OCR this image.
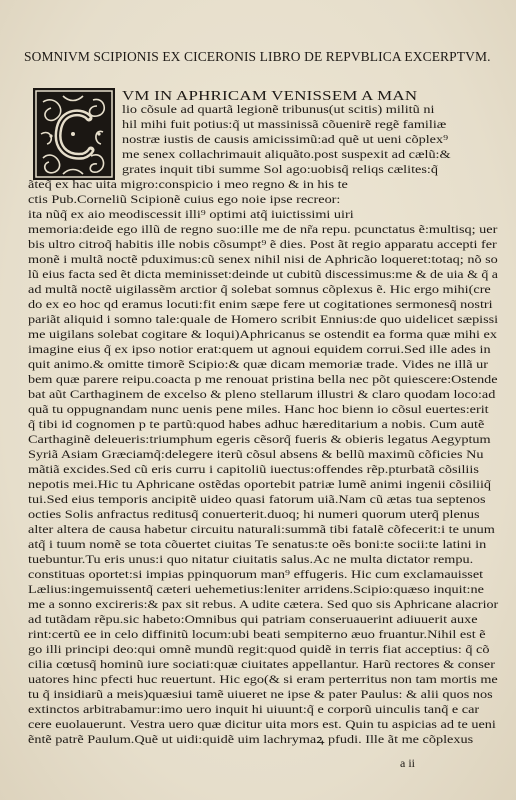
SOMNIVM SCIPIONIS EX CICERONIS LIBRO DE REPVBLICA EXCERPTVM.
VM IN APHRICAM VENISSEM A MAN
lio cõsule ad quartã legionẽ tribunus(ut scitis) militũ ni
hil mihi fuit potius:q̃ ut massinissã cõuenirẽ regẽ familiæ
nostræ iustis de causis amicissimũ:ad quẽ ut ueni cõplex⁹
me senex collachrimauit aliquãto.post suspexit ad cælũ:&
grates inquit tibi summe Sol ago:uobisq̃ reliqs cælites:q̃
ãteq̃ ex hac uita migro:conspicio i meo regno & in his te
ctis Pub.Corneliũ Scipionẽ cuius ego noie ipse recreor:
ita nũq̃ ex aio meodiscessit illi⁹ optimi atq̃ iuictissimi uiri
memoria:deide ego illũ de regno suo:ille me de nr̃a repu. pcunctatus ẽ:multisq; uer
bis ultro citroq̃ habitis ille nobis cõsumpt⁹ ẽ dies. Post ãt regio apparatu accepti fer
monẽ i multã noctẽ pduximus:cũ senex nihil nisi de Aphricão loqueret:totaq; nõ so
lũ eius facta sed ẽt dicta meminisset:deinde ut cubitũ discessimus:me & de uia & q̃ a
ad multã noctẽ uigilassẽm arctior q̃ solebat somnus cõplexus ẽ. Hic ergo mihi(cre
do ex eo hoc qd eramus locuti:fit enim sæpe fere ut cogitationes sermonesq̃ nostri
pariãt aliquid i somno tale:quale de Homero scribit Ennius:de quo uidelicet sæpissi
me uigilans solebat cogitare & loqui)Aphricanus se ostendit ea forma quæ mihi ex
imagine eius q̃ ex ipso notior erat:quem ut agnoui equidem corrui.Sed ille ades in
quit animo.& omitte timorẽ Scipio:& quæ dicam memoriæ trade. Vides ne illã ur
bem quæ parere reipu.coacta p me renouat pristina bella nec põt quiescere:Ostende
bat aũt Carthaginem de excelso & pleno stellarum illustri & claro quodam loco:ad
quã tu oppugnandam nunc uenis pene miles. Hanc hoc bienn io cõsul euertes:erit
q̃ tibi id cognomen p te partũ:quod habes adhuc hæreditarium a nobis. Cum autẽ
Carthaginẽ deleueris:triumphum egeris cẽsorq̃ fueris & obieris legatus Aegyptum
Syriã Asiam Græciamq̃:delegere iterũ cõsul absens & bellũ maximũ cõficies Nu
mãtiã excides.Sed cũ eris curru i capitoliũ iuectus:offendes rẽp.pturbatã cõsiliis
nepotis mei.Hic tu Aphricane ostẽdas oportebit patriæ lumẽ animi ingenii cõsiliiq̃
tui.Sed eius temporis ancipitẽ uideo quasi fatorum uiã.Nam cũ ætas tua septenos
octies Solis anfractus reditusq̃ conuerterit.duoq; hi numeri quorum uterq̃ plenus
alter altera de causa habetur circuitu naturali:summã tibi fatalẽ cõfecerit:i te unum
atq̃ i tuum nomẽ se tota cõuertet ciuitas Te senatus:te oẽs boni:te socii:te latini in
tuebuntur.Tu eris unus:i quo nitatur ciuitatis salus.Ac ne multa dictator rempu.
constituas oportet:si impias ppinquorum man⁹ effugeris. Hic cum exclamauisset
Lælius:ingemuissentq̃ cæteri uehemetius:leniter arridens.Scipio:quæso inquit:ne
me a sonno excireris:& pax sit rebus. A udite cætera. Sed quo sis Aphricane alacrior
ad tutãdam rẽpu.sic habeto:Omnibus qui patriam conseruauerint adiuuerit auxe
rint:certũ ee in celo diffinitũ locum:ubi beati sempiterno æuo fruantur.Nihil est ẽ
go illi principi deo:qui omnẽ mundũ regit:quod quidẽ in terris fiat acceptius: q̃ cõ
cilia cœtusq̃ hominũ iure sociati:quæ ciuitates appellantur. Harũ rectores & conser
uatores hinc pfecti huc reuertunt. Hic ego(& si eram perterritus non tam mortis me
tu q̃ insidiarũ a meis)quæsiui tamẽ uiueret ne ipse & pater Paulus: & alii quos nos
extinctos arbitrabamur:imo uero inquit hi uiuunt:q̃ e corporũ uinculis tanq̃ e car
cere euolauerunt. Vestra uero quæ dicitur uita mors est. Quin tu aspicias ad te ueni
ẽntẽ patrẽ Paulum.Quẽ ut uidi:quidẽ uim lachrymaꝝ pfudi. Ille ãt me cõplexus
a ii
